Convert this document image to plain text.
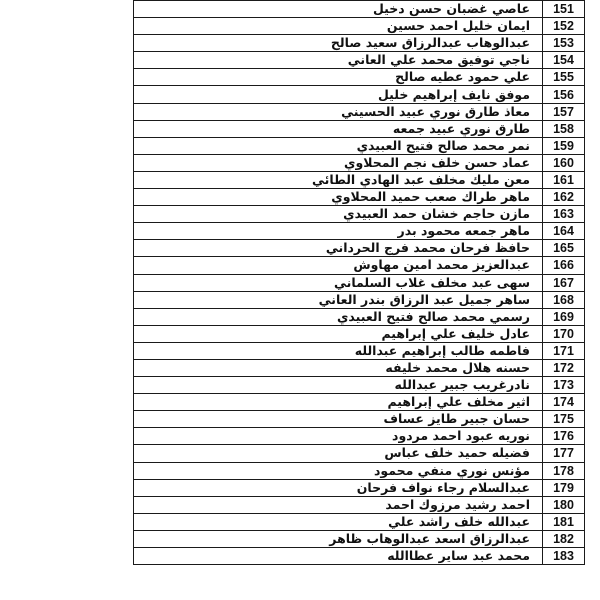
عاصي غضبان حسن دخيل	151
ايمان خليل احمد حسين	152
عبدالوهاب عبدالرزاق سعيد صالح	153
ناجي توفيق محمد علي العاني	154
علي حمود عطيه صالح	155
موفق نايف إبراهيم خليل	156
معاذ طارق نوري عبيد الحسيني	157
طارق نوري عبيد جمعه	158
نمر محمد صالح فتيح العبيدي	159
عماد حسن خلف نجم المحلاوي	160
معن مليك مخلف عبد الهادي الطائي	161
ماهر طراك صعب حميد المحلاوي	162
مازن حاجم خشان حمد العبيدي	163
ماهر جمعه محمود بدر	164
حافظ فرحان محمد فرج الحرداني	165
عبدالعزيز محمد امين مهاوش	166
سهى عبد مخلف غلاب السلماني	167
ساهر جميل عبد الرزاق بندر العاني	168
رسمي محمد صالح فتيح العبيدي	169
عادل خليف علي إبراهيم	170
فاطمه طالب إبراهيم عبدالله	171
حسنه هلال محمد خليفه	172
نادرغريب جبير عبدالله	173
اثير مخلف علي إبراهيم	174
حسان جبير طايز عساف	175
نوريه عبود احمد مردود	176
فضيله حميد خلف عباس	177
مؤنس نوري منفي محمود	178
عبدالسلام رجاء نواف فرحان	179
احمد رشيد مرزوك احمد	180
عبدالله خلف راشد علي	181
عبدالرزاق اسعد عبدالوهاب ظاهر	182
محمد عبد ساير عطاالله	183
